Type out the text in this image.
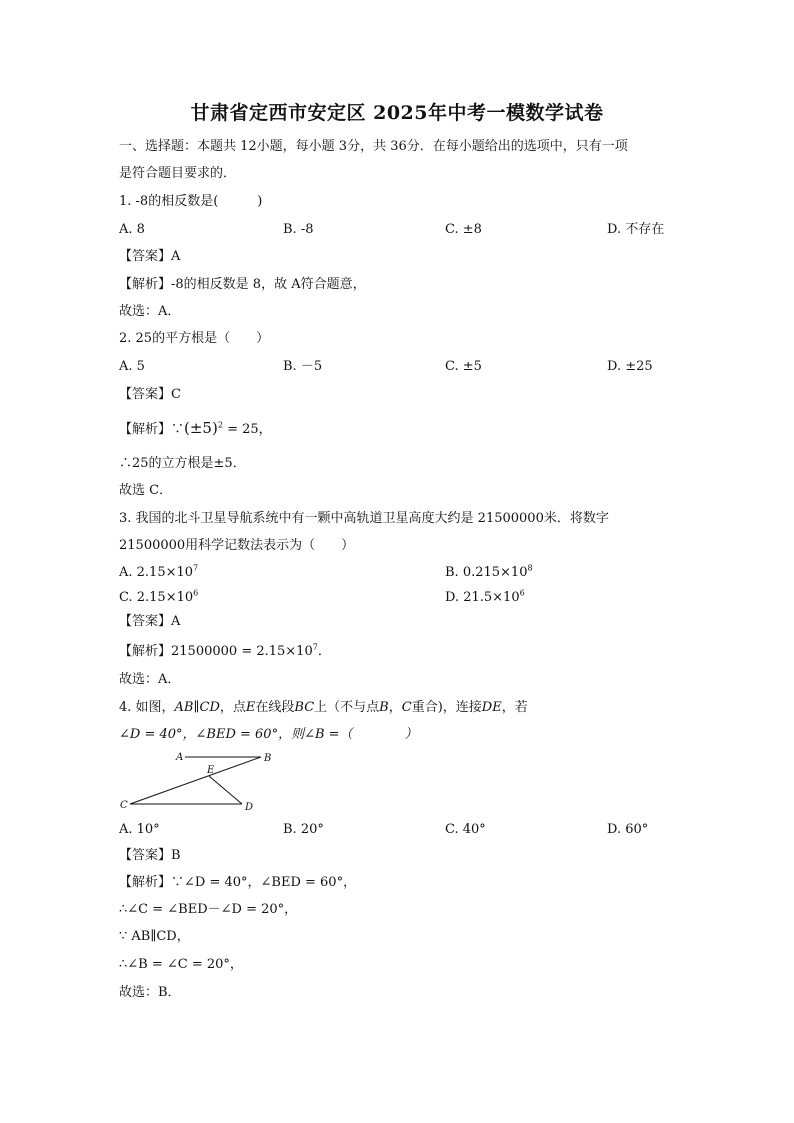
甘肃省定西市安定区 2025年中考一模数学试卷
一、选择题：本题共 12小题，每小题 3分，共 36分．在每小题给出的选项中，只有一项
是符合题目要求的．
1. -8的相反数是(　　　)
A. 8	B. -8	C. ±8	D. 不存在
【答案】A
【解析】-8的相反数是 8，故 A符合题意，
故选：A．
2. 25的平方根是（　　）
A. 5	B. －5	C. ±5	D. ±25
【答案】C
【解析】$\because(\pm 5)^2 = 25$，
∴25的立方根是±5．
故选 C．
3. 我国的北斗卫星导航系统中有一颗中高轨道卫星高度大约是 21500000米．将数字
21500000用科学记数法表示为（　　）
A. $2.15\times 10^7$	B. $0.215\times 10^8$
C. $2.15\times 10^6$	D. $21.5\times 10^6$
【答案】A
【解析】$21500000 = 2.15\times 10^7$．
故选：A．
4. 如图，AB∥CD，点E在线段BC上（不与点B，C重合)，连接DE，若
∠D = 40°，∠BED = 60°，则∠B =（　　　　）
A	B
E
C	D
A. 10°	B. 20°	C. 40°	D. 60°
【答案】B
【解析】∵∠D = 40°，∠BED = 60°，
∴∠C = ∠BED－∠D = 20°，
∵ AB∥CD，
∴∠B = ∠C = 20°，
故选：B．
